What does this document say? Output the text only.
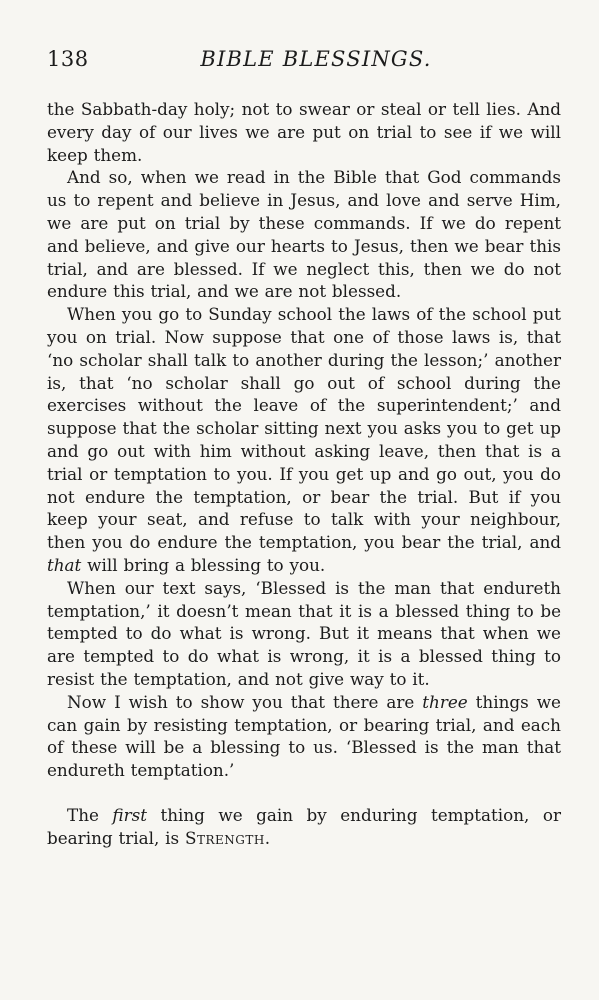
138	BIBLE BLESSINGS.

the Sabbath-day holy; not to swear or steal or tell lies. And every day of our lives we are put on trial to see if we will keep them.

And so, when we read in the Bible that God commands us to repent and believe in Jesus, and love and serve Him, we are put on trial by these commands. If we do repent and believe, and give our hearts to Jesus, then we bear this trial, and are blessed. If we neglect this, then we do not endure this trial, and we are not blessed.

When you go to Sunday school the laws of the school put you on trial. Now suppose that one of those laws is, that ‘no scholar shall talk to another during the lesson;’ another is, that ‘no scholar shall go out of school during the exercises without the leave of the superintendent;’ and suppose that the scholar sitting next you asks you to get up and go out with him without asking leave, then that is a trial or temptation to you. If you get up and go out, you do not endure the temptation, or bear the trial. But if you keep your seat, and refuse to talk with your neighbour, then you do endure the temptation, you bear the trial, and that will bring a blessing to you.

When our text says, ‘Blessed is the man that endureth temptation,’ it doesn’t mean that it is a blessed thing to be tempted to do what is wrong. But it means that when we are tempted to do what is wrong, it is a blessed thing to resist the temptation, and not give way to it.

Now I wish to show you that there are three things we can gain by resisting temptation, or bearing trial, and each of these will be a blessing to us. ‘Blessed is the man that endureth temptation.’

The first thing we gain by enduring temptation, or bearing trial, is Strength.
